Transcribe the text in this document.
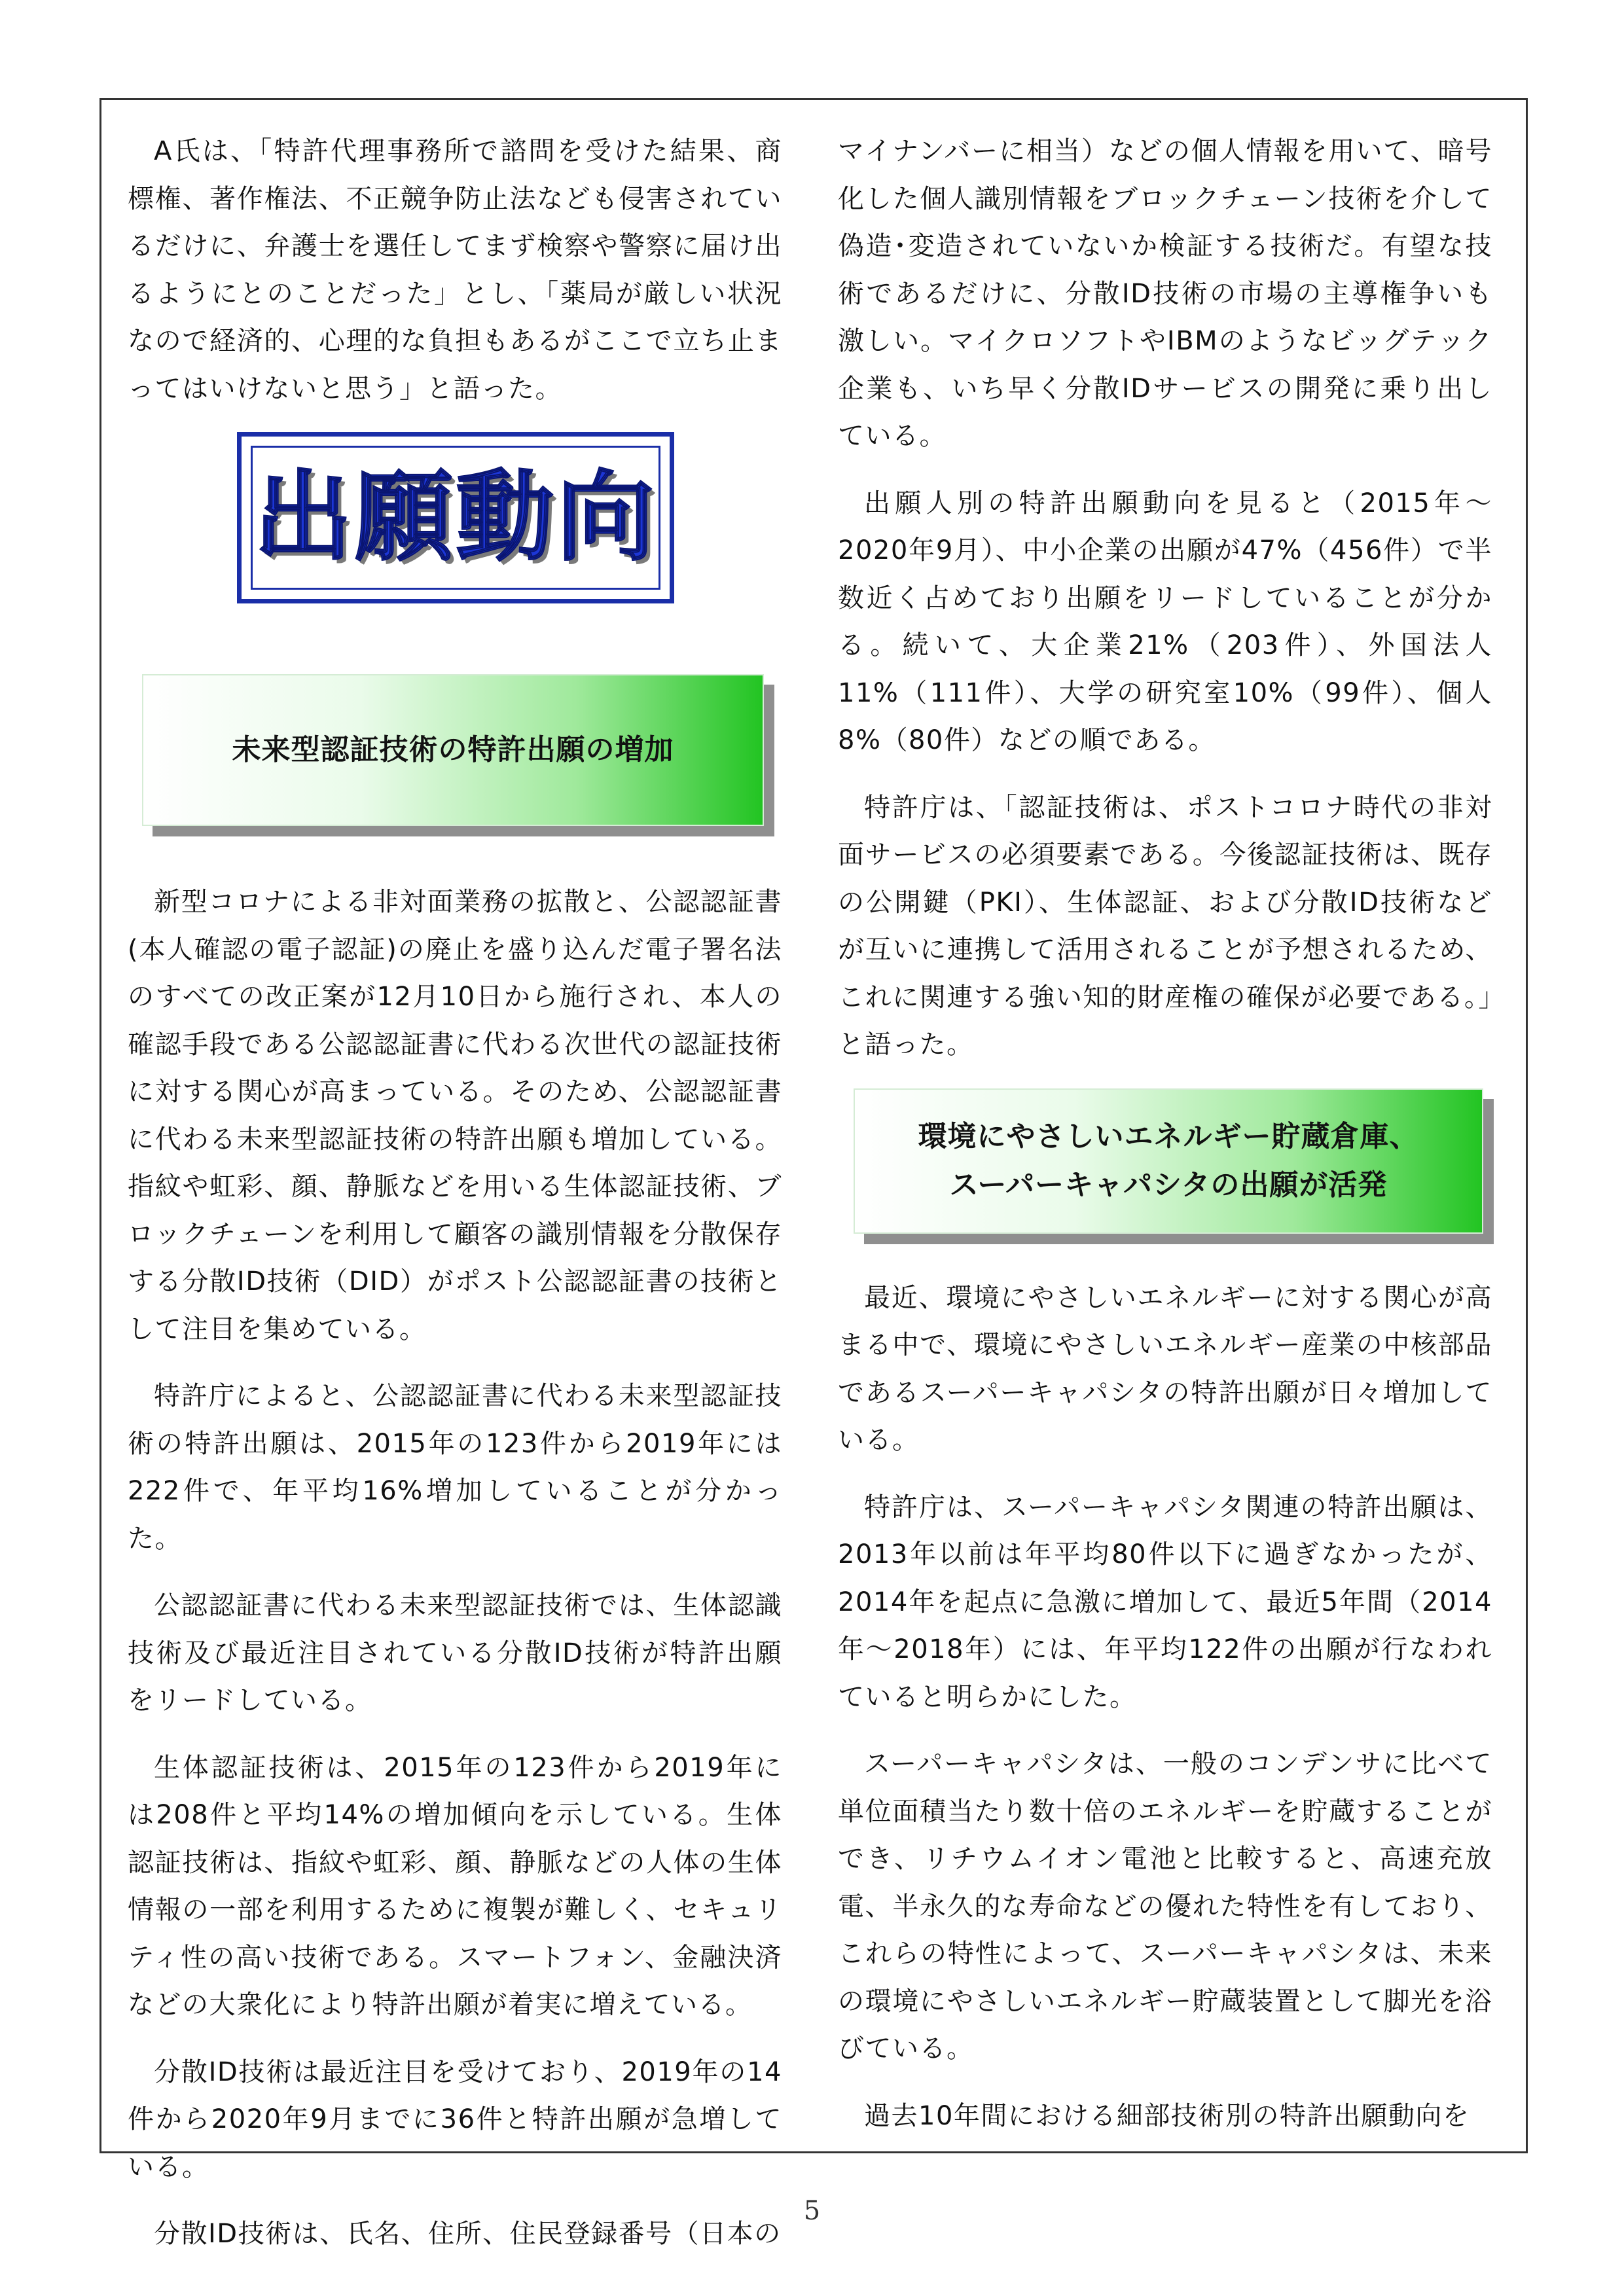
A氏は、「特許代理事務所で諮問を受けた結果、商標権、著作権法、不正競争防止法なども侵害されているだけに、弁護士を選任してまず検察や警察に届け出るようにとのことだった」とし、「薬局が厳しい状況なので経済的、心理的な負担もあるがここで立ち止まってはいけないと思う」と語った。

出願動向
未来型認証技術の特許出願の増加

新型コロナによる非対面業務の拡散と、公認認証書(本人確認の電子認証)の廃止を盛り込んだ電子署名法のすべての改正案が12月10日から施行され、本人の確認手段である公認認証書に代わる次世代の認証技術に対する関心が高まっている。そのため、公認認証書に代わる未来型認証技術の特許出願も増加している。指紋や虹彩、顔、静脈などを用いる生体認証技術、ブロックチェーンを利用して顧客の識別情報を分散保存する分散ID技術（DID）がポスト公認認証書の技術として注目を集めている。

特許庁によると、公認認証書に代わる未来型認証技術の特許出願は、2015年の123件から2019年には222件で、年平均16%増加していることが分かった。

公認認証書に代わる未来型認証技術では、生体認識技術及び最近注目されている分散ID技術が特許出願をリードしている。

生体認証技術は、2015年の123件から2019年には208件と平均14%の増加傾向を示している。生体認証技術は、指紋や虹彩、顔、静脈などの人体の生体情報の一部を利用するために複製が難しく、セキュリティ性の高い技術である。スマートフォン、金融決済などの大衆化により特許出願が着実に増えている。

分散ID技術は最近注目を受けており、2019年の14件から2020年9月までに36件と特許出願が急増している。

分散ID技術は、氏名、住所、住民登録番号（日本の

マイナンバーに相当）などの個人情報を用いて、暗号化した個人識別情報をブロックチェーン技術を介して偽造･変造されていないか検証する技術だ。有望な技術であるだけに、分散ID技術の市場の主導権争いも激しい。マイクロソフトやIBMのようなビッグテック企業も、いち早く分散IDサービスの開発に乗り出している。

出願人別の特許出願動向を見ると（2015年～2020年9月）、中小企業の出願が47%（456件）で半数近く占めており出願をリードしていることが分かる。続いて、大企業21%（203件）、外国法人11%（111件）、大学の研究室10%（99件）、個人8%（80件）などの順である。

特許庁は、「認証技術は、ポストコロナ時代の非対面サービスの必須要素である。今後認証技術は、既存の公開鍵（PKI）、生体認証、および分散ID技術などが互いに連携して活用されることが予想されるため、これに関連する強い知的財産権の確保が必要である。」と語った。

環境にやさしいエネルギー貯蔵倉庫、
スーパーキャパシタの出願が活発

最近、環境にやさしいエネルギーに対する関心が高まる中で、環境にやさしいエネルギー産業の中核部品であるスーパーキャパシタの特許出願が日々増加している。

特許庁は、スーパーキャパシタ関連の特許出願は、2013年以前は年平均80件以下に過ぎなかったが、2014年を起点に急激に増加して、最近5年間（2014年～2018年）には、年平均122件の出願が行なわれていると明らかにした。

スーパーキャパシタは、一般のコンデンサに比べて単位面積当たり数十倍のエネルギーを貯蔵することができ、リチウムイオン電池と比較すると、高速充放電、半永久的な寿命などの優れた特性を有しており、これらの特性によって、スーパーキャパシタは、未来の環境にやさしいエネルギー貯蔵装置として脚光を浴びている。

過去10年間における細部技術別の特許出願動向を

5
